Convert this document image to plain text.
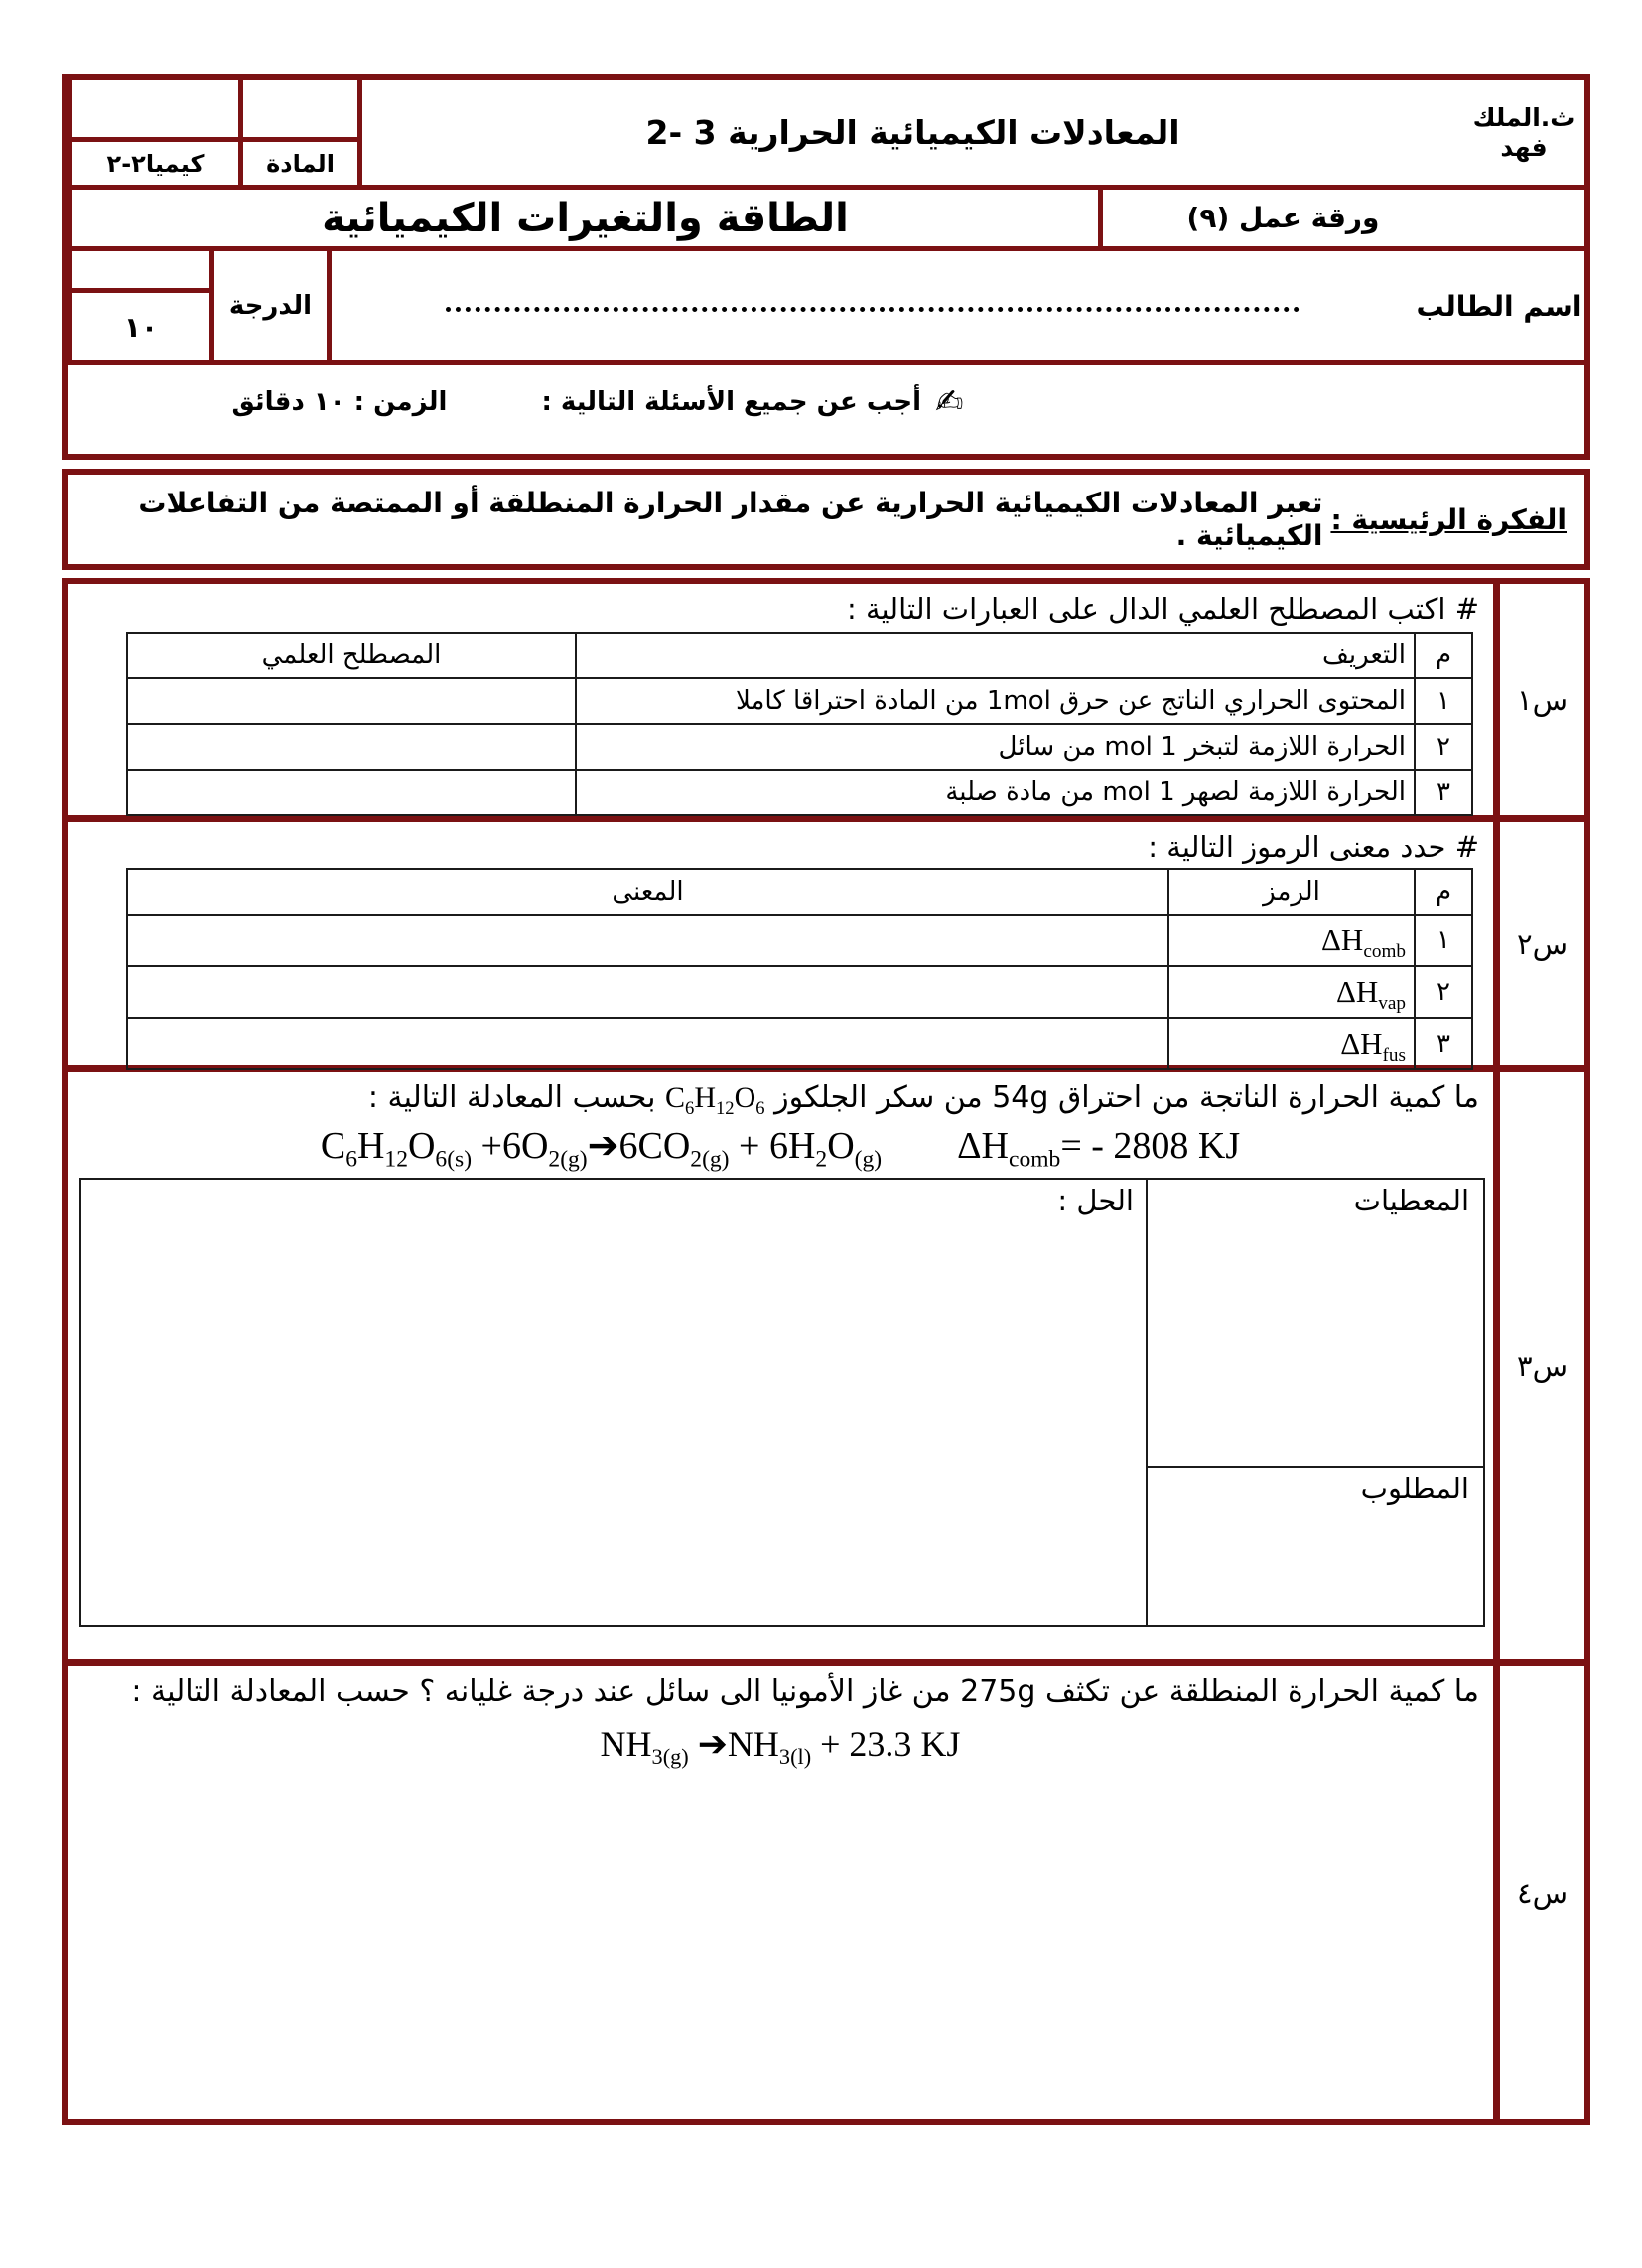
ث.الملك فهد
المعادلات الكيميائية الحرارية 3 -2
المادة
كيميا٢-٢
ورقة عمل (٩)
الطاقة والتغيرات الكيميائية
اسم الطالب
الدرجة
١٠
✍
أجب عن جميع الأسئلة التالية :
الزمن : ١٠ دقائق
الفكرة الرئيسية :
تعبر المعادلات الكيميائية الحرارية عن مقدار الحرارة المنطلقة أو الممتصة من التفاعلات الكيميائية .
س١
# اكتب المصطلح العلمي الدال على العبارات التالية :
م	التعريف	المصطلح العلمي
١	المحتوى الحراري الناتج عن حرق 1mol من المادة احتراقا كاملا	
٢	الحرارة اللازمة لتبخر 1 mol من سائل	
٣	الحرارة اللازمة لصهر 1 mol من مادة صلبة	
س٢
# حدد معنى الرموز التالية :
م	الرمز	المعنى
١	$\Delta H_{comb}$	
٢	$\Delta H_{vap}$	
٣	$\Delta H_{fus}$	
س٣
ما كمية الحرارة الناتجة من احتراق 54g من سكر الجلكوز $C_6H_{12}O_6$ بحسب المعادلة التالية :
$C_6H_{12}O_{6(s)}$ $+6O_{2(g)}➔6CO_{2(g)} + 6H_2O_{(g)}$        $\Delta H_{comb}= - 2808$ KJ
المعطيات
المطلوب
الحل :
س٤
ما كمية الحرارة المنطلقة عن تكثف 275g من غاز الأمونيا الى سائل عند درجة غليانه ؟ حسب المعادلة التالية :
$NH_{3(g)}$ $➔NH_{3(l)} + 23.3$ KJ
